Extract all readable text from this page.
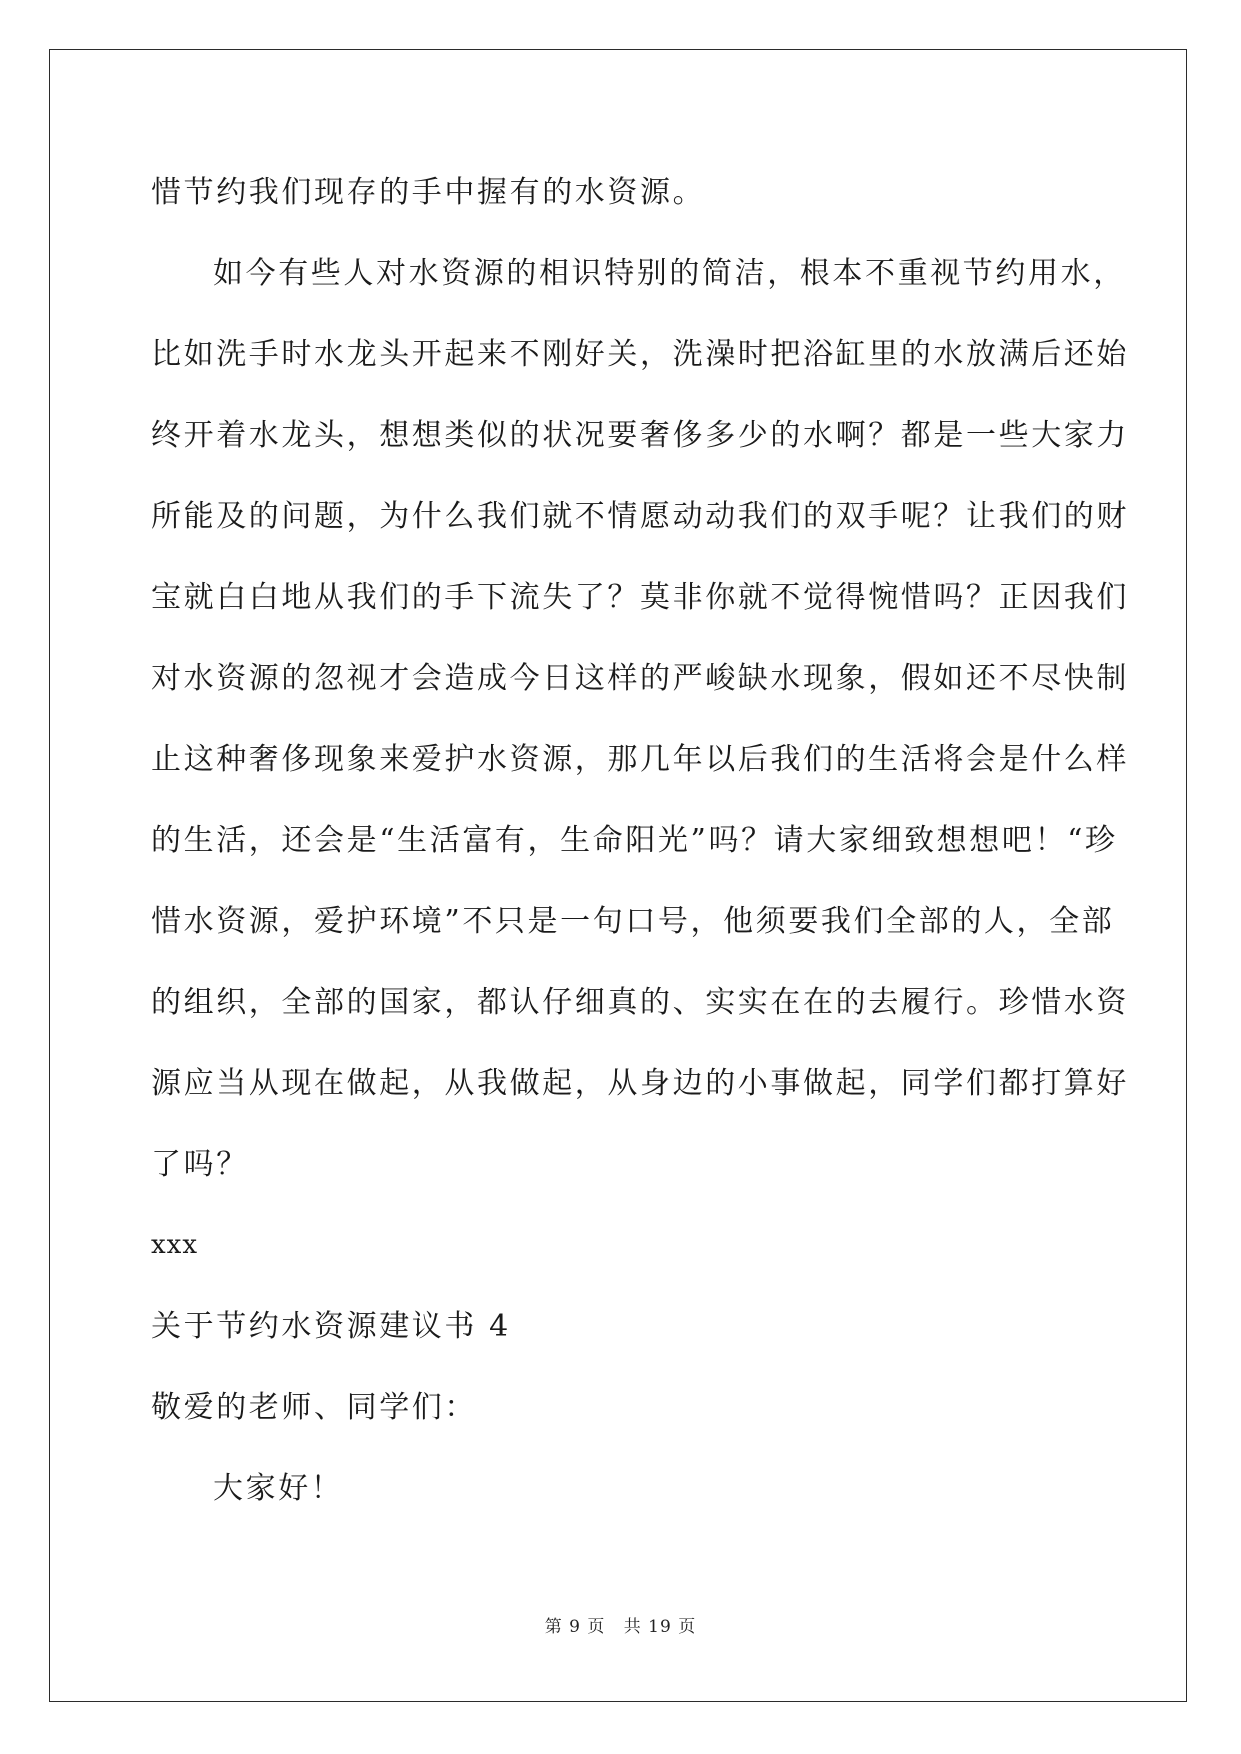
惜节约我们现存的手中握有的水资源。

如今有些人对水资源的相识特别的简洁，根本不重视节约用水，

比如洗手时水龙头开起来不刚好关，洗澡时把浴缸里的水放满后还始

终开着水龙头，想想类似的状况要奢侈多少的水啊？都是一些大家力

所能及的问题，为什么我们就不情愿动动我们的双手呢？让我们的财

宝就白白地从我们的手下流失了？莫非你就不觉得惋惜吗？正因我们

对水资源的忽视才会造成今日这样的严峻缺水现象，假如还不尽快制

止这种奢侈现象来爱护水资源，那几年以后我们的生活将会是什么样

的生活，还会是“生活富有，生命阳光”吗？请大家细致想想吧！“珍

惜水资源，爱护环境”不只是一句口号，他须要我们全部的人，全部

的组织，全部的国家，都认仔细真的、实实在在的去履行。珍惜水资

源应当从现在做起，从我做起，从身边的小事做起，同学们都打算好

了吗？

xxx

关于节约水资源建议书 4

敬爱的老师、同学们：

大家好！

第 9 页 共 19 页
